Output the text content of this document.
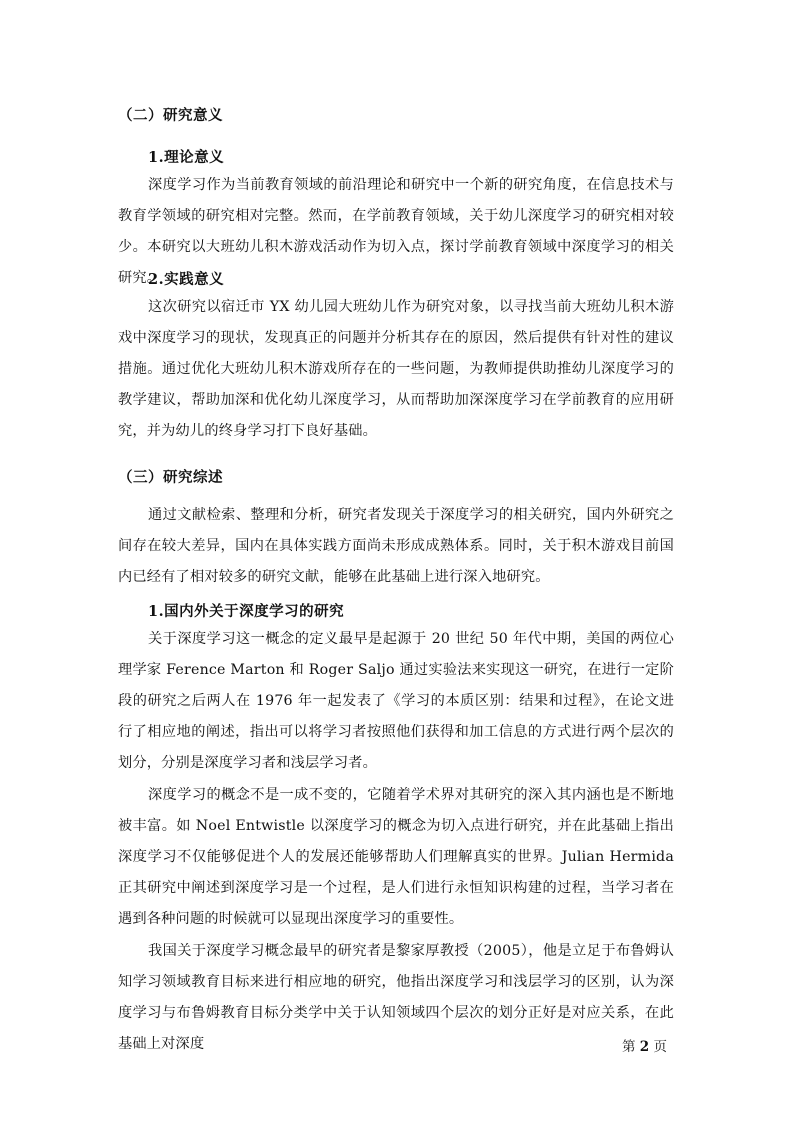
（二）研究意义
1.理论意义

深度学习作为当前教育领域的前沿理论和研究中一个新的研究角度，在信息技术与教育学领域的研究相对完整。然而，在学前教育领域，关于幼儿深度学习的研究相对较少。本研究以大班幼儿积木游戏活动作为切入点，探讨学前教育领域中深度学习的相关研究。

2.实践意义

这次研究以宿迁市 YX 幼儿园大班幼儿作为研究对象，以寻找当前大班幼儿积木游戏中深度学习的现状，发现真正的问题并分析其存在的原因，然后提供有针对性的建议措施。通过优化大班幼儿积木游戏所存在的一些问题，为教师提供助推幼儿深度学习的教学建议，帮助加深和优化幼儿深度学习，从而帮助加深深度学习在学前教育的应用研究，并为幼儿的终身学习打下良好基础。

（三）研究综述

通过文献检索、整理和分析，研究者发现关于深度学习的相关研究，国内外研究之间存在较大差异，国内在具体实践方面尚未形成成熟体系。同时，关于积木游戏目前国内已经有了相对较多的研究文献，能够在此基础上进行深入地研究。

1.国内外关于深度学习的研究

关于深度学习这一概念的定义最早是起源于 20 世纪 50 年代中期，美国的两位心理学家 Ference Marton 和 Roger Saljo 通过实验法来实现这一研究，在进行一定阶段的研究之后两人在 1976 年一起发表了《学习的本质区别：结果和过程》，在论文进行了相应地的阐述，指出可以将学习者按照他们获得和加工信息的方式进行两个层次的划分，分别是深度学习者和浅层学习者。

深度学习的概念不是一成不变的，它随着学术界对其研究的深入其内涵也是不断地被丰富。如 Noel Entwistle 以深度学习的概念为切入点进行研究，并在此基础上指出深度学习不仅能够促进个人的发展还能够帮助人们理解真实的世界。Julian Hermida 正其研究中阐述到深度学习是一个过程，是人们进行永恒知识构建的过程，当学习者在遇到各种问题的时候就可以显现出深度学习的重要性。

我国关于深度学习概念最早的研究者是黎家厚教授（2005），他是立足于布鲁姆认知学习领域教育目标来进行相应地的研究，他指出深度学习和浅层学习的区别，认为深度学习与布鲁姆教育目标分类学中关于认知领域四个层次的划分正好是对应关系，在此基础上对深度	第 2 页
